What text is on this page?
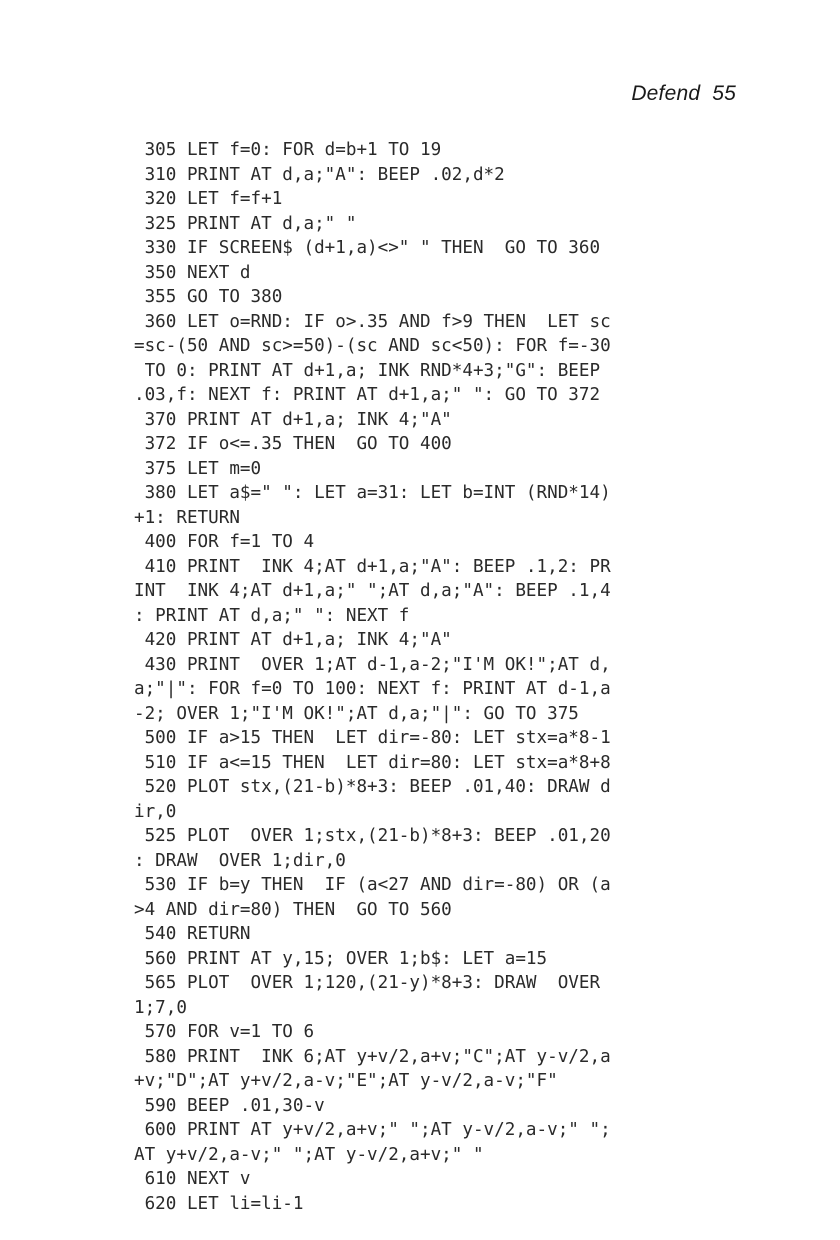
Defend 55
305 LET f=0: FOR d=b+1 TO 19
310 PRINT AT d,a;"A": BEEP .02,d*2
320 LET f=f+1
325 PRINT AT d,a;" "
330 IF SCREEN$ (d+1,a)<>" " THEN  GO TO 360
350 NEXT d
355 GO TO 380
360 LET o=RND: IF o>.35 AND f>9 THEN  LET sc
=sc-(50 AND sc>=50)-(sc AND sc<50): FOR f=-30
TO 0: PRINT AT d+1,a; INK RND*4+3;"G": BEEP
.03,f: NEXT f: PRINT AT d+1,a;" ": GO TO 372
370 PRINT AT d+1,a; INK 4;"A"
372 IF o<=.35 THEN  GO TO 400
375 LET m=0
380 LET a$=" ": LET a=31: LET b=INT (RND*14)
+1: RETURN
400 FOR f=1 TO 4
410 PRINT  INK 4;AT d+1,a;"A": BEEP .1,2: PR
INT  INK 4;AT d+1,a;" ";AT d,a;"A": BEEP .1,4
: PRINT AT d,a;" ": NEXT f
420 PRINT AT d+1,a; INK 4;"A"
430 PRINT  OVER 1;AT d-1,a-2;"I'M OK!";AT d,
a;"|": FOR f=0 TO 100: NEXT f: PRINT AT d-1,a
-2; OVER 1;"I'M OK!";AT d,a;"|": GO TO 375
500 IF a>15 THEN  LET dir=-80: LET stx=a*8-1
510 IF a<=15 THEN  LET dir=80: LET stx=a*8+8
520 PLOT stx,(21-b)*8+3: BEEP .01,40: DRAW d
ir,0
525 PLOT  OVER 1;stx,(21-b)*8+3: BEEP .01,20
: DRAW  OVER 1;dir,0
530 IF b=y THEN  IF (a<27 AND dir=-80) OR (a
>4 AND dir=80) THEN  GO TO 560
540 RETURN
560 PRINT AT y,15; OVER 1;b$: LET a=15
565 PLOT  OVER 1;120,(21-y)*8+3: DRAW  OVER
1;7,0
570 FOR v=1 TO 6
580 PRINT  INK 6;AT y+v/2,a+v;"C";AT y-v/2,a
+v;"D";AT y+v/2,a-v;"E";AT y-v/2,a-v;"F"
590 BEEP .01,30-v
600 PRINT AT y+v/2,a+v;" ";AT y-v/2,a-v;" ";
AT y+v/2,a-v;" ";AT y-v/2,a+v;" "
610 NEXT v
620 LET li=li-1
